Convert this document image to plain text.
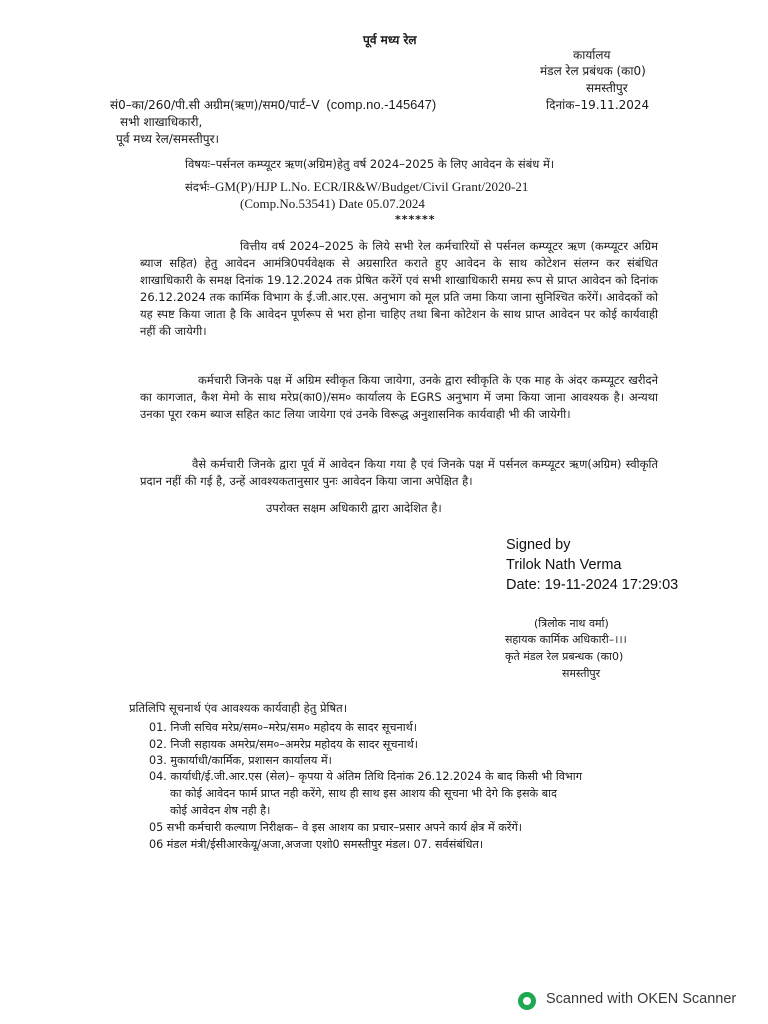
पूर्व मध्य रेल
कार्यालय
मंडल रेल प्रबंधक (का0)
समस्तीपुर
सं0–का/260/पी.सी अग्रीम(ऋण)/सम0/पार्ट–V (comp.no.-145647)	दिनांक–19.11.2024
सभी शाखाधिकारी,
पूर्व मध्य रेल/समस्तीपुर।
विषयः–पर्सनल कम्प्यूटर ऋण(अग्रिम)हेतु वर्ष 2024–2025 के लिए आवेदन के संबंध में।
संदर्भः–GM(P)/HJP L.No. ECR/IR&W/Budget/Civil Grant/2020-21
(Comp.No.53541) Date 05.07.2024
******
वित्तीय वर्ष 2024–2025 के लिये सभी रेल कर्मचारियों से पर्सनल कम्प्यूटर ऋण (कम्प्यूटर अग्रिम ब्याज सहित) हेतु आवेदन आमंत्रि0पर्यवेक्षक से अग्रसारित कराते हुए आवेदन के साथ कोटेशन संलग्न कर संबंधित शाखाधिकारी के समक्ष दिनांक 19.12.2024 तक प्रेषित करेंगें एवं सभी शाखाधिकारी समग्र रूप से प्राप्त आवेदन को दिनांक 26.12.2024 तक कार्मिक विभाग के ई.जी.आर.एस. अनुभाग को मूल प्रति जमा किया जाना सुनिश्चित करेंगें। आवेदकों को यह स्पष्ट किया जाता है कि आवेदन पूर्णरूप से भरा होना चाहिए तथा बिना कोटेशन के साथ प्राप्त आवेदन पर कोई कार्यवाही नहीं की जायेगी।
कर्मचारी जिनके पक्ष में अग्रिम स्वीकृत किया जायेगा, उनके द्वारा स्वीकृति के एक माह के अंदर कम्प्यूटर खरीदने का कागजात, कैश मेमो के साथ मरेप्र(का0)/सम० कार्यालय के EGRS अनुभाग में जमा किया जाना आवश्यक है। अन्यथा उनका पूरा रकम ब्याज सहित काट लिया जायेगा एवं उनके विरूद्ध अनुशासनिक कार्यवाही भी की जायेगी।
वैसे कर्मचारी जिनके द्वारा पूर्व में आवेदन किया गया है एवं जिनके पक्ष में पर्सनल कम्प्यूटर ऋण(अग्रिम) स्वीकृति प्रदान नहीं की गई है, उन्हें आवश्यकतानुसार पुनः आवेदन किया जाना अपेक्षित है।
उपरोक्त सक्षम अधिकारी द्वारा आदेशित है।
Signed by
Trilok Nath Verma
Date: 19-11-2024 17:29:03
(त्रिलोक नाथ वर्मा)
सहायक कार्मिक अधिकारी–।।।
कृते मंडल रेल प्रबन्धक (का0)
समस्तीपुर
प्रतिलिपि सूचनार्थ एंव आवश्यक कार्यवाही हेतु प्रेषित।
01. निजी सचिव मरेप्र/सम०–मरेप्र/सम० महोदय के सादर सूचनार्थ।
02. निजी सहायक अमरेप्र/सम०–अमरेप्र महोदय के सादर सूचनार्थ।
03. मुकार्याधी/कार्मिक, प्रशासन कार्यालय में।
04. कार्याधी/ई.जी.आर.एस (सेल)– कृपया ये अंतिम तिथि दिनांक 26.12.2024 के बाद किसी भी विभाग
का कोई आवेदन फार्म प्राप्त नही करेंगे, साथ ही साथ इस आशय की सूचना भी देगे कि इसके बाद
कोई आवेदन शेष नही है।
05 सभी कर्मचारी कल्याण निरीक्षक– वे इस आशय का प्रचार–प्रसार अपने कार्य क्षेत्र में करेंगें।
06 मंडल मंत्री/ईसीआरकेयू/अजा,अजजा एशो0 समस्तीपुर मंडल। 07. सर्वसंबंधित।
Scanned with OKEN Scanner
